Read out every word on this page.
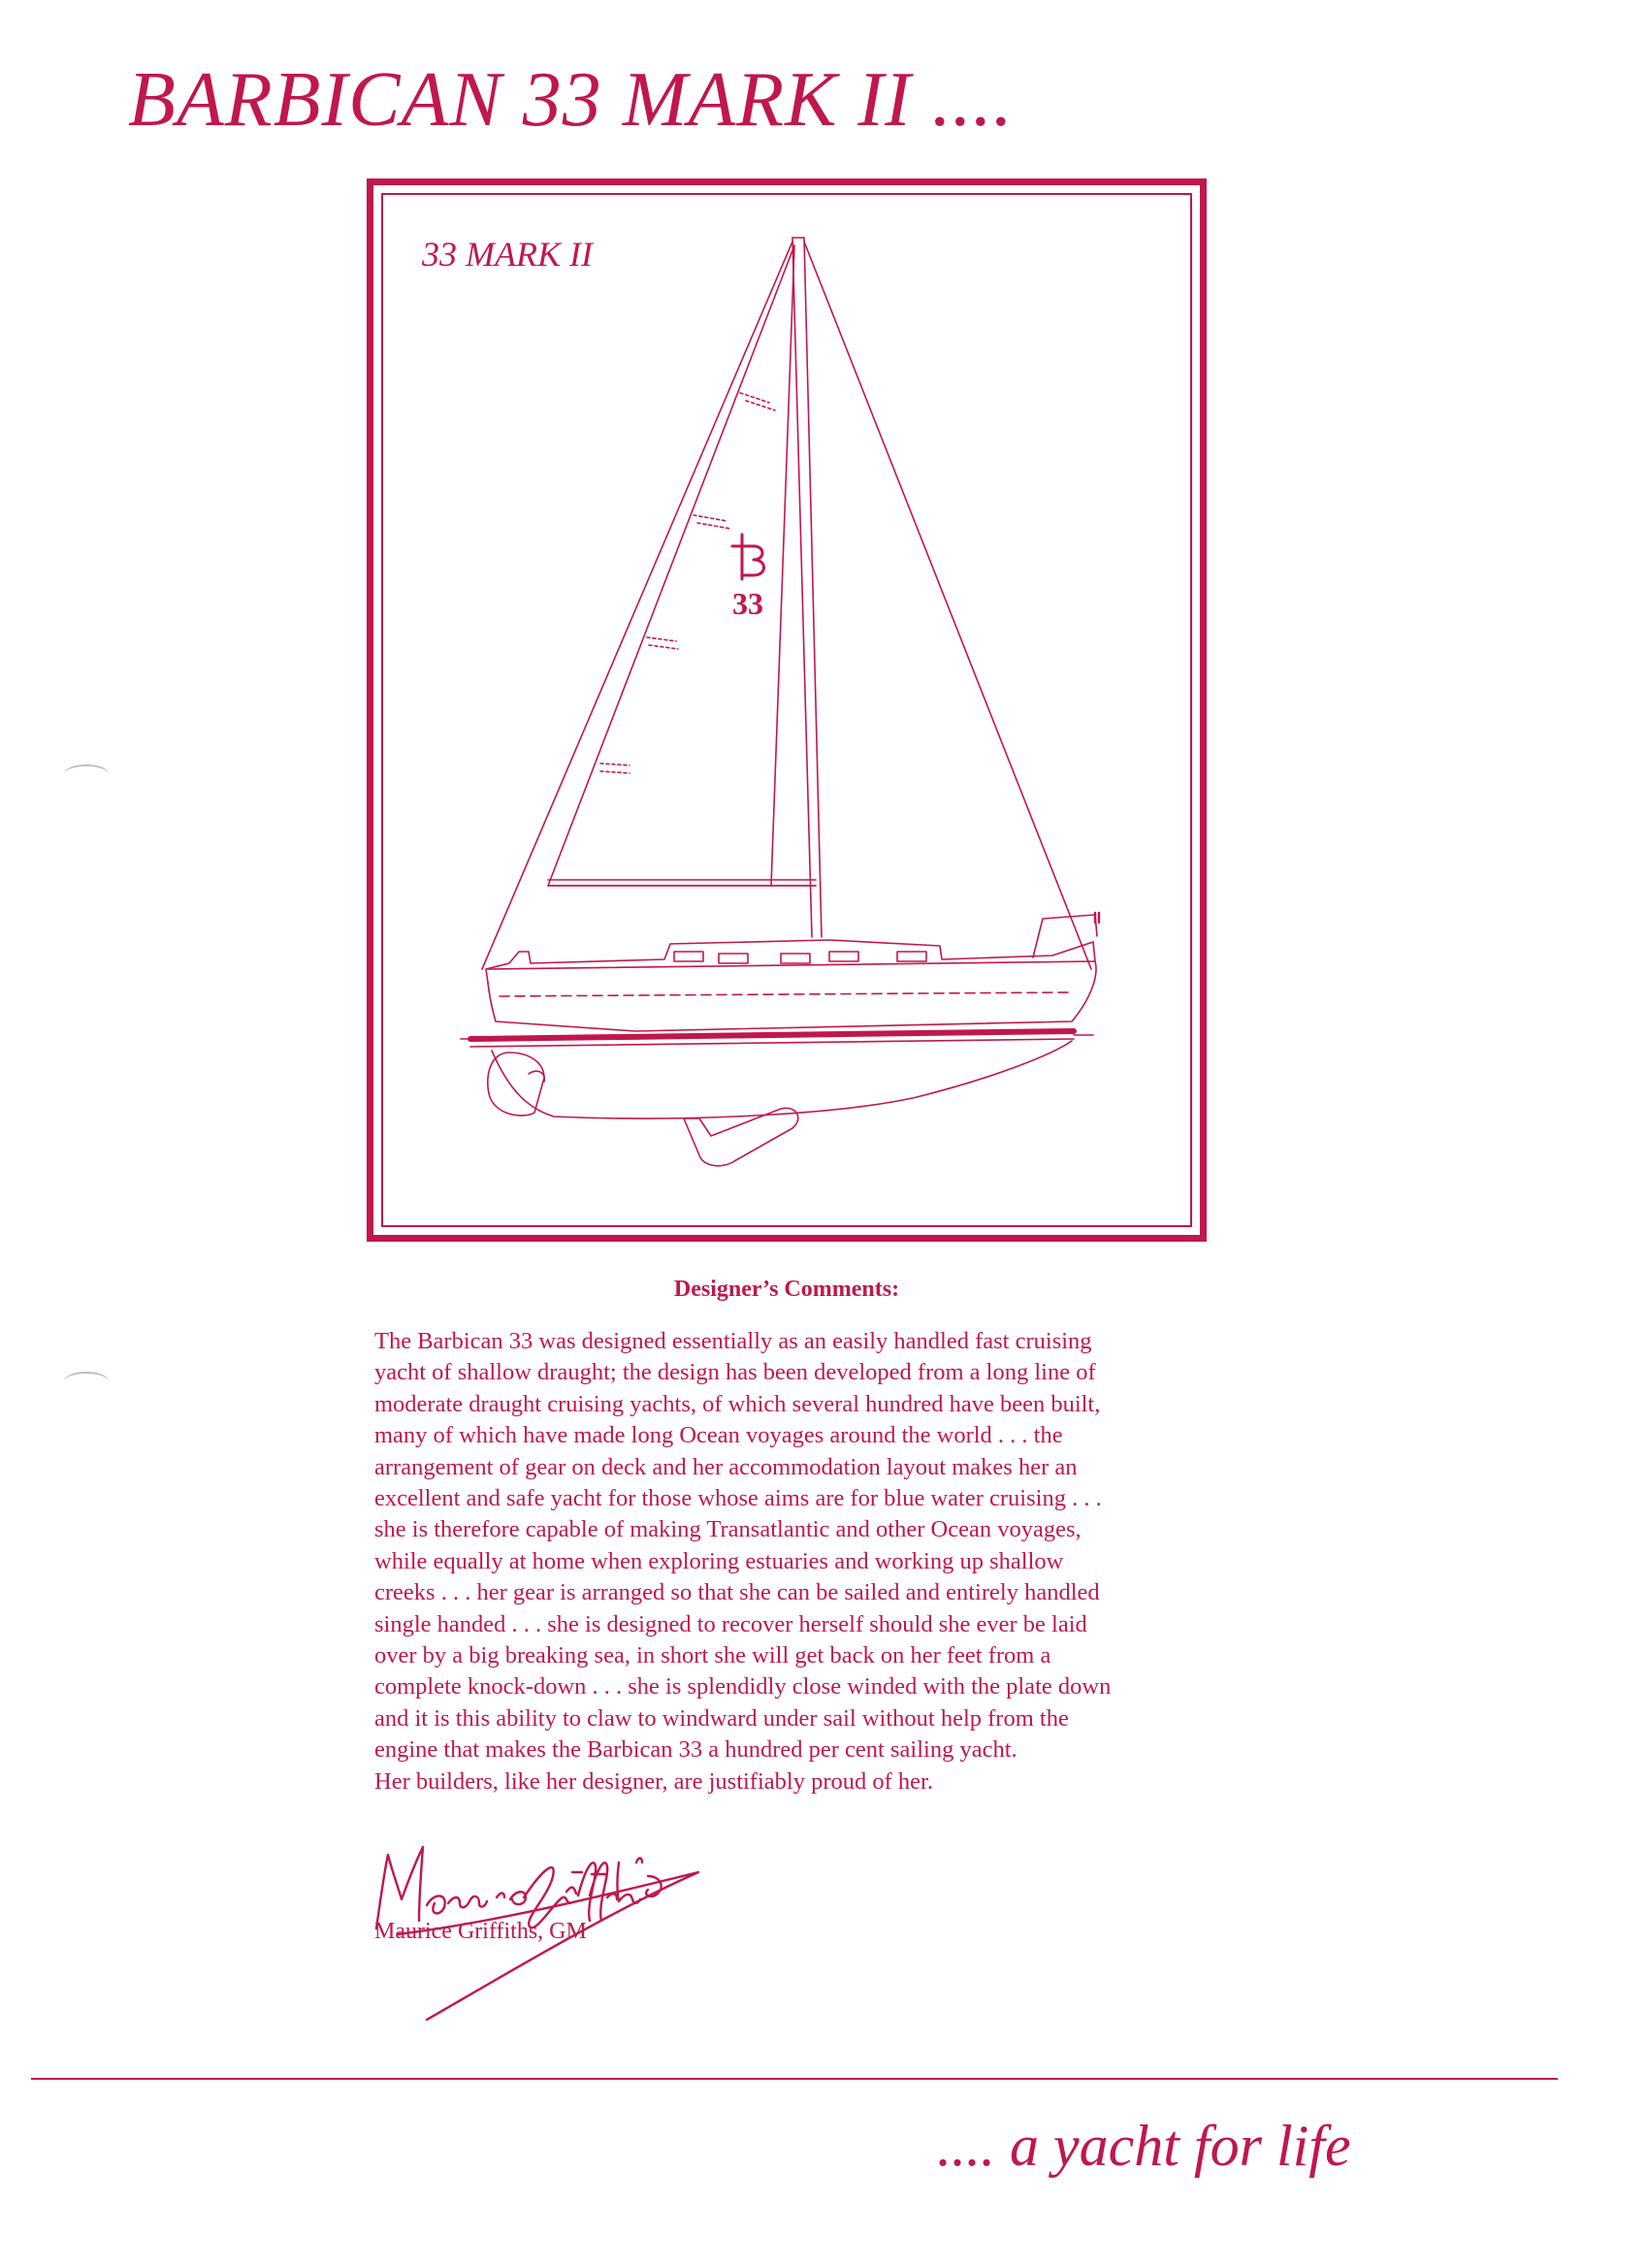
BARBICAN 33 MARK II ....
33
33 MARK II
Designer’s Comments:
The Barbican 33 was designed essentially as an easily handled fast cruising
yacht of shallow draught; the design has been developed from a long line of
moderate draught cruising yachts, of which several hundred have been built,
many of which have made long Ocean voyages around the world . . . the
arrangement of gear on deck and her accommodation layout makes her an
excellent and safe yacht for those whose aims are for blue water cruising . . .
she is therefore capable of making Transatlantic and other Ocean voyages,
while equally at home when exploring estuaries and working up shallow
creeks . . . her gear is arranged so that she can be sailed and entirely handled
single handed . . . she is designed to recover herself should she ever be laid
over by a big breaking sea, in short she will get back on her feet from a
complete knock-down . . . she is splendidly close winded with the plate down
and it is this ability to claw to windward under sail without help from the
engine that makes the Barbican 33 a hundred per cent sailing yacht.
Her builders, like her designer, are justifiably proud of her.
Maurice Griffiths, GM
.... a yacht for life
